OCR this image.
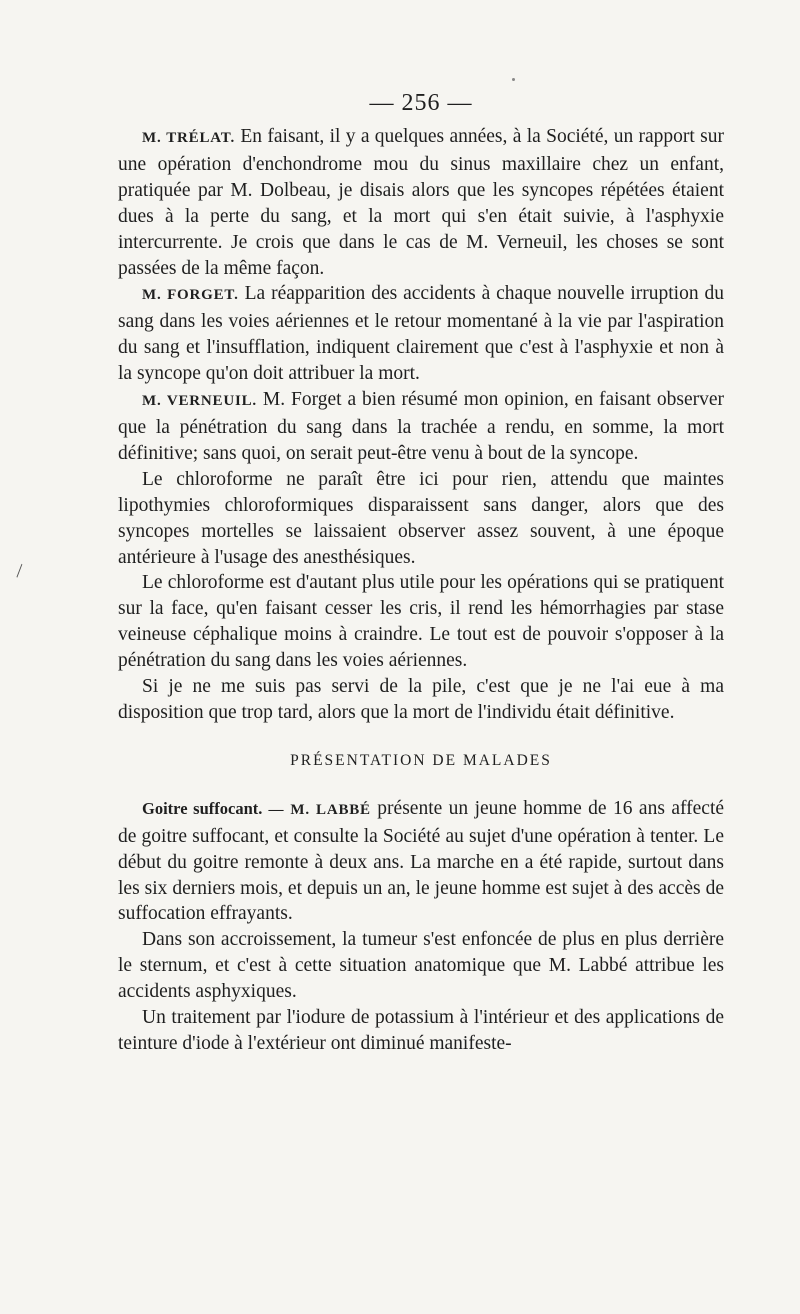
\
— 256 —

M. TRÉLAT. En faisant, il y a quelques années, à la Société, un rapport sur une opération d'enchondrome mou du sinus maxillaire chez un enfant, pratiquée par M. Dolbeau, je disais alors que les syncopes répétées étaient dues à la perte du sang, et la mort qui s'en était suivie, à l'asphyxie intercurrente. Je crois que dans le cas de M. Verneuil, les choses se sont passées de la même façon.

M. FORGET. La réapparition des accidents à chaque nouvelle irruption du sang dans les voies aériennes et le retour momentané à la vie par l'aspiration du sang et l'insufflation, indiquent clairement que c'est à l'asphyxie et non à la syncope qu'on doit attribuer la mort.

M. VERNEUIL. M. Forget a bien résumé mon opinion, en faisant observer que la pénétration du sang dans la trachée a rendu, en somme, la mort définitive; sans quoi, on serait peut-être venu à bout de la syncope.

Le chloroforme ne paraît être ici pour rien, attendu que maintes lipothymies chloroformiques disparaissent sans danger, alors que des syncopes mortelles se laissaient observer assez souvent, à une époque antérieure à l'usage des anesthésiques.

Le chloroforme est d'autant plus utile pour les opérations qui se pratiquent sur la face, qu'en faisant cesser les cris, il rend les hémorrhagies par stase veineuse céphalique moins à craindre. Le tout est de pouvoir s'opposer à la pénétration du sang dans les voies aériennes.

Si je ne me suis pas servi de la pile, c'est que je ne l'ai eue à ma disposition que trop tard, alors que la mort de l'individu était définitive.

PRÉSENTATION DE MALADES

Goitre suffocant. — M. LABBÉ présente un jeune homme de 16 ans affecté de goitre suffocant, et consulte la Société au sujet d'une opération à tenter. Le début du goitre remonte à deux ans. La marche en a été rapide, surtout dans les six derniers mois, et depuis un an, le jeune homme est sujet à des accès de suffocation effrayants.

Dans son accroissement, la tumeur s'est enfoncée de plus en plus derrière le sternum, et c'est à cette situation anatomique que M. Labbé attribue les accidents asphyxiques.

Un traitement par l'iodure de potassium à l'intérieur et des applications de teinture d'iode à l'extérieur ont diminué manifeste-
